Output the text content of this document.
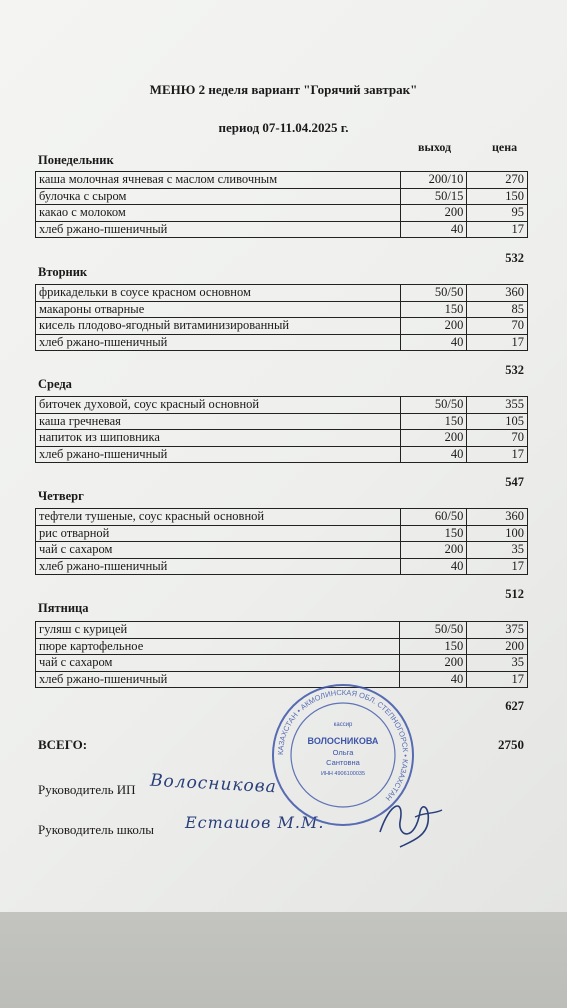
МЕНЮ 2 неделя вариант "Горячий завтрак"
период 07-11.04.2025 г.
выход	цена
Понедельник
каша молочная ячневая с маслом сливочным	200/10	270
булочка с сыром	50/15	150
какао с молоком	200	95
хлеб ржано-пшеничный	40	17
532
Вторник
фрикадельки в соусе красном основном	50/50	360
макароны отварные	150	85
кисель плодово-ягодный витаминизированный	200	70
хлеб ржано-пшеничный	40	17
532
Среда
биточек духовой, соус красный основной	50/50	355
каша гречневая	150	105
напиток из шиповника	200	70
хлеб ржано-пшеничный	40	17
547
Четверг
тефтели тушеные, соус красный основной	60/50	360
рис отварной	150	100
чай с сахаром	200	35
хлеб ржано-пшеничный	40	17
512
Пятница
гуляш с курицей	50/50	375
пюре картофельное	150	200
чай с сахаром	200	35
хлеб ржано-пшеничный	40	17
627
ВСЕГО:	2750
Руководитель ИП Волосникова
Руководитель школы Есташов М.М.
КАЗАХСТАН • АКМОЛИНСКАЯ ОБЛ. СТЕПНОГОРСК • КАЗАХСТАН
кассир
ВОЛОСНИКОВА
Ольга
Сантовна
ИНН 4906100035
